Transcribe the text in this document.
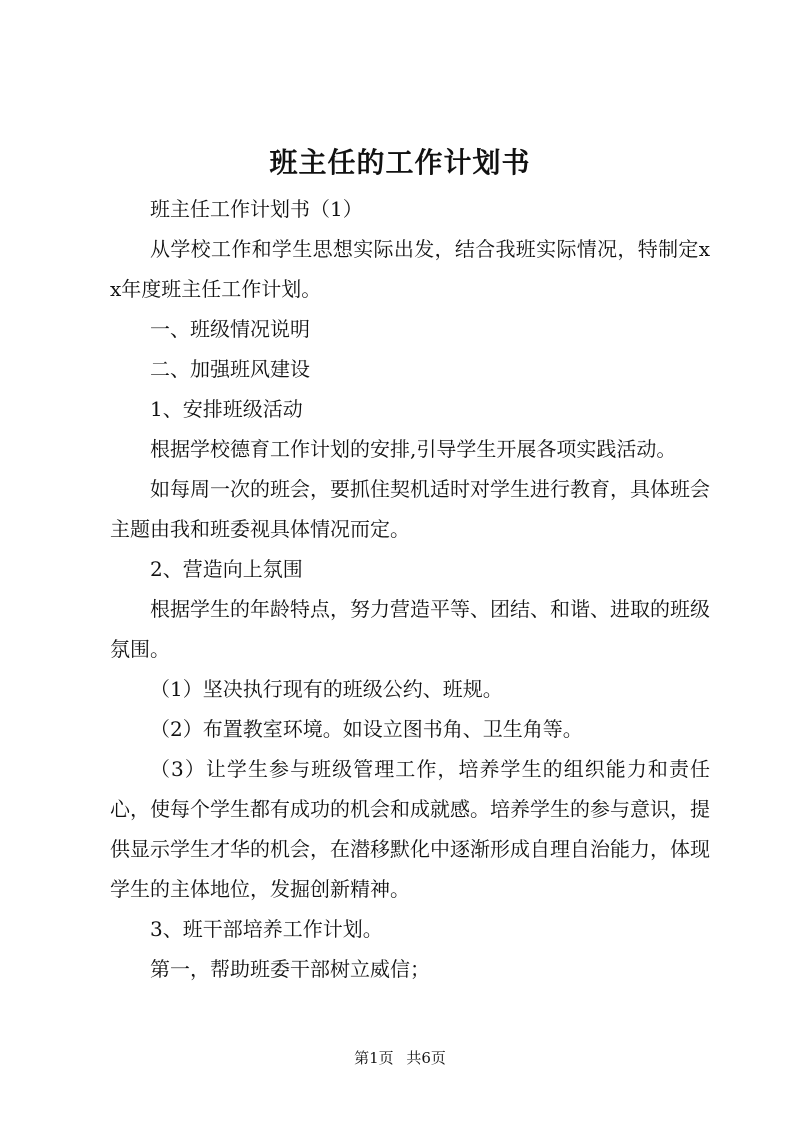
班主任的工作计划书

班主任工作计划书（1）

从学校工作和学生思想实际出发，结合我班实际情况，特制定xx年度班主任工作计划。

一、班级情况说明

二、加强班风建设

1、安排班级活动

根据学校德育工作计划的安排,引导学生开展各项实践活动。

如每周一次的班会，要抓住契机适时对学生进行教育，具体班会主题由我和班委视具体情况而定。

2、营造向上氛围

根据学生的年龄特点，努力营造平等、团结、和谐、进取的班级氛围。

（1）坚决执行现有的班级公约、班规。

（2）布置教室环境。如设立图书角、卫生角等。

（3）让学生参与班级管理工作，培养学生的组织能力和责任心，使每个学生都有成功的机会和成就感。培养学生的参与意识，提供显示学生才华的机会，在潜移默化中逐渐形成自理自治能力，体现学生的主体地位，发掘创新精神。

3、班干部培养工作计划。

第一，帮助班委干部树立威信；

第1页 共6页
